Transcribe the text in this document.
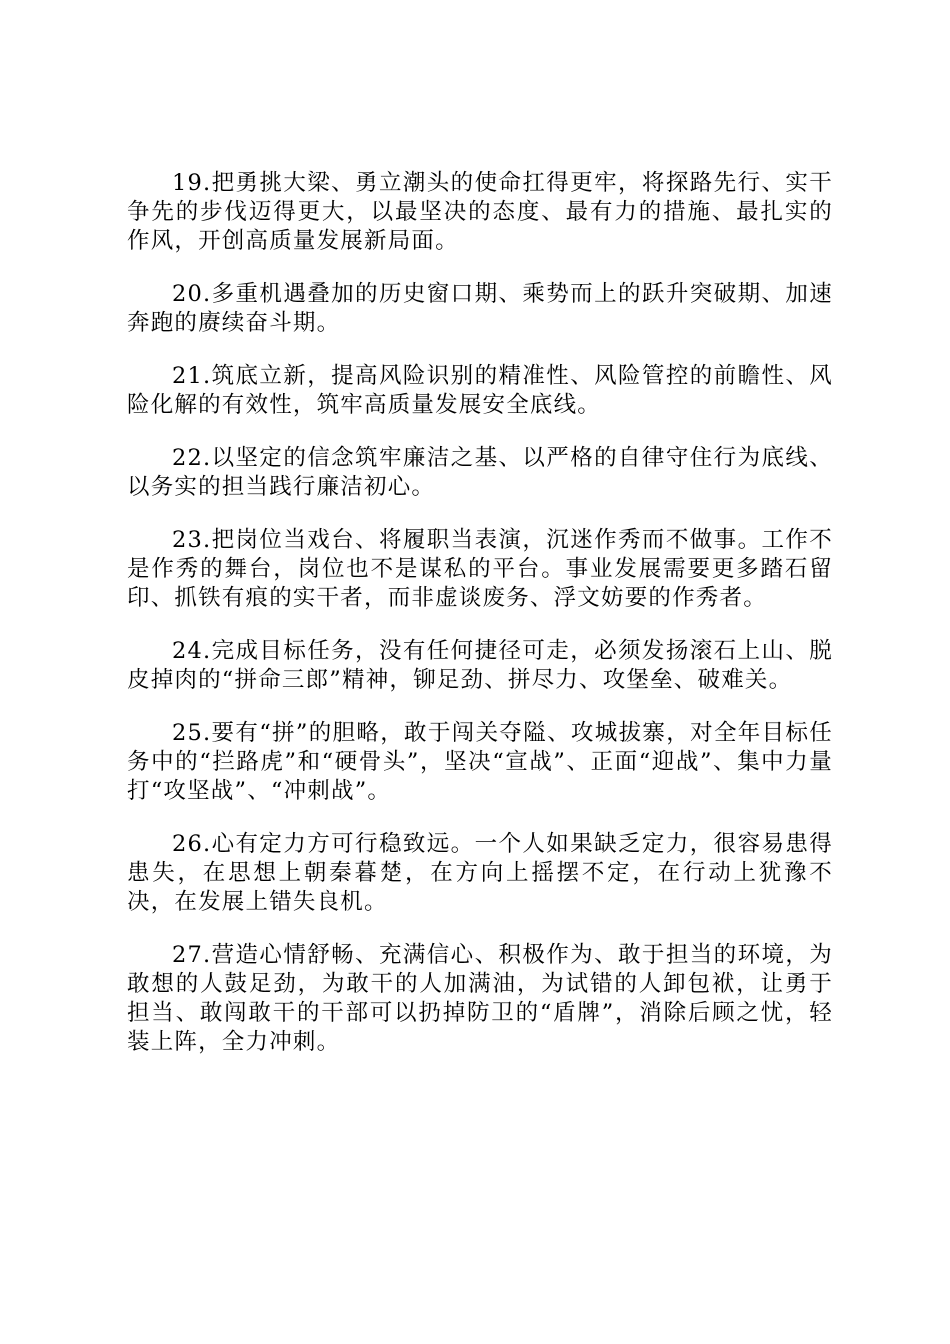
19.把勇挑大梁、勇立潮头的使命扛得更牢，将探路先行、实干争先的步伐迈得更大，以最坚决的态度、最有力的措施、最扎实的作风，开创高质量发展新局面。

20.多重机遇叠加的历史窗口期、乘势而上的跃升突破期、加速奔跑的赓续奋斗期。

21.筑底立新，提高风险识别的精准性、风险管控的前瞻性、风险化解的有效性，筑牢高质量发展安全底线。

22.以坚定的信念筑牢廉洁之基、以严格的自律守住行为底线、以务实的担当践行廉洁初心。

23.把岗位当戏台、将履职当表演，沉迷作秀而不做事。工作不是作秀的舞台，岗位也不是谋私的平台。事业发展需要更多踏石留印、抓铁有痕的实干者，而非虚谈废务、浮文妨要的作秀者。

24.完成目标任务，没有任何捷径可走，必须发扬滚石上山、脱皮掉肉的“拼命三郎”精神，铆足劲、拼尽力、攻堡垒、破难关。

25.要有“拼”的胆略，敢于闯关夺隘、攻城拔寨，对全年目标任务中的“拦路虎”和“硬骨头”，坚决“宣战”、正面“迎战”、集中力量打“攻坚战”、“冲刺战”。

26.心有定力方可行稳致远。一个人如果缺乏定力，很容易患得患失，在思想上朝秦暮楚，在方向上摇摆不定，在行动上犹豫不决，在发展上错失良机。

27.营造心情舒畅、充满信心、积极作为、敢于担当的环境，为敢想的人鼓足劲，为敢干的人加满油，为试错的人卸包袱，让勇于担当、敢闯敢干的干部可以扔掉防卫的“盾牌”，消除后顾之忧，轻装上阵，全力冲刺。
